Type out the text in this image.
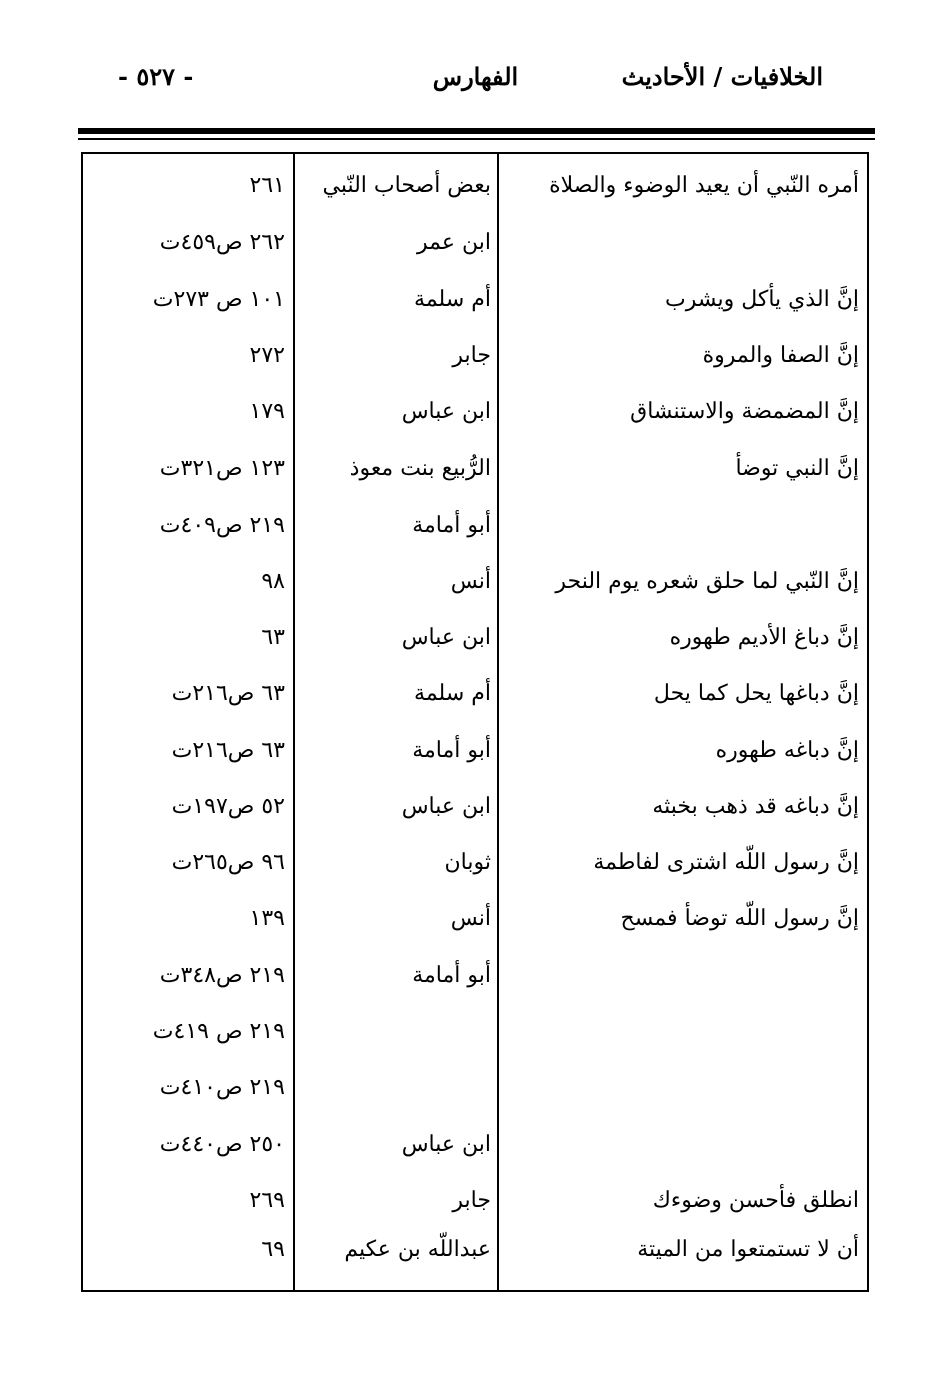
- ٥٢٧ -	الفهارس	الخلافيات / الأحاديث
أمره النّبي أن يعيد الوضوء والصلاة
بعض أصحاب النّبي
٢٦١
ابن عمر
٢٦٢ ص٤٥٩ت
إنَّ الذي يأكل ويشرب
أم سلمة
١٠١ ص ٢٧٣ت
إنَّ الصفا والمروة
جابر
٢٧٢
إنَّ المضمضة والاستنشاق
ابن عباس
١٧٩
إنَّ النبي توضأ
الرُّبيع بنت معوذ
١٢٣ ص٣٢١ت
أبو أمامة
٢١٩ ص٤٠٩ت
إنَّ النّبي لما حلق شعره يوم النحر
أنس
٩٨
إنَّ دباغ الأديم طهوره
ابن عباس
٦٣
إنَّ دباغها يحل كما يحل
أم سلمة
٦٣ ص٢١٦ت
إنَّ دباغه طهوره
أبو أمامة
٦٣ ص٢١٦ت
إنَّ دباغه قد ذهب بخبثه
ابن عباس
٥٢ ص١٩٧ت
إنَّ رسول اللّه اشترى لفاطمة
ثوبان
٩٦ ص٢٦٥ت
إنَّ رسول اللّه توضأ فمسح
أنس
١٣٩
أبو أمامة
٢١٩ ص٣٤٨ت
٢١٩ ص ٤١٩ت
٢١٩ ص٤١٠ت
ابن عباس
٢٥٠ ص٤٤٠ت
انطلق فأحسن وضوءك
جابر
٢٦٩
أن لا تستمتعوا من الميتة
عبداللّه بن عكيم
٦٩
